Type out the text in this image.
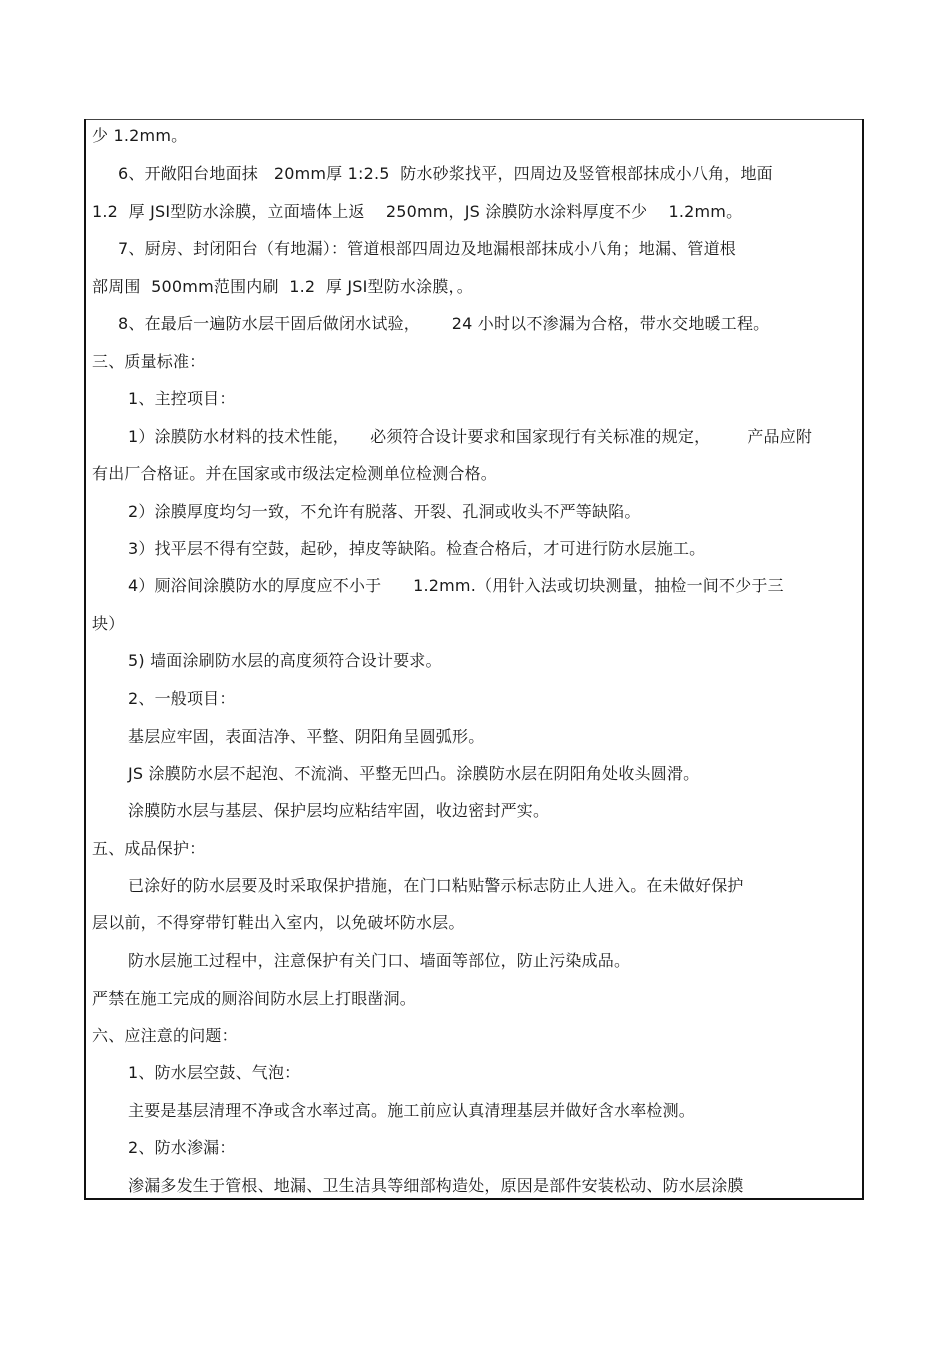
少 1.2mm。
6、开敞阳台地面抹   20mm厚 1:2.5  防水砂浆找平，四周边及竖管根部抹成小八角，地面
1.2  厚 JSⅠ型防水涂膜，立面墙体上返    250mm，JS 涂膜防水涂料厚度不少    1.2mm。
7、厨房、封闭阳台（有地漏）：管道根部四周边及地漏根部抹成小八角；地漏、管道根
部周围  500mm范围内刷  1.2  厚 JSⅠ型防水涂膜，。
8、在最后一遍防水层干固后做闭水试验，      24 小时以不渗漏为合格，带水交地暖工程。
三、质量标准：
1、主控项目：
1）涂膜防水材料的技术性能，    必须符合设计要求和国家现行有关标准的规定，       产品应附
有出厂合格证。并在国家或市级法定检测单位检测合格。
2）涂膜厚度均匀一致，不允许有脱落、开裂、孔洞或收头不严等缺陷。
3）找平层不得有空鼓，起砂，掉皮等缺陷。检查合格后，才可进行防水层施工。
4）厕浴间涂膜防水的厚度应不小于      1.2mm.（用针入法或切块测量，抽检一间不少于三
块）
5) 墙面涂刷防水层的高度须符合设计要求。
2、一般项目：
基层应牢固，表面洁净、平整、阴阳角呈圆弧形。
JS 涂膜防水层不起泡、不流淌、平整无凹凸。涂膜防水层在阴阳角处收头圆滑。
涂膜防水层与基层、保护层均应粘结牢固，收边密封严实。
五、成品保护：
已涂好的防水层要及时采取保护措施，在门口粘贴警示标志防止人进入。在未做好保护
层以前，不得穿带钉鞋出入室内，以免破坏防水层。
防水层施工过程中，注意保护有关门口、墙面等部位，防止污染成品。
严禁在施工完成的厕浴间防水层上打眼凿洞。
六、应注意的问题：
1、防水层空鼓、气泡：
主要是基层清理不净或含水率过高。施工前应认真清理基层并做好含水率检测。
2、防水渗漏：
渗漏多发生于管根、地漏、卫生洁具等细部构造处，原因是部件安装松动、防水层涂膜
